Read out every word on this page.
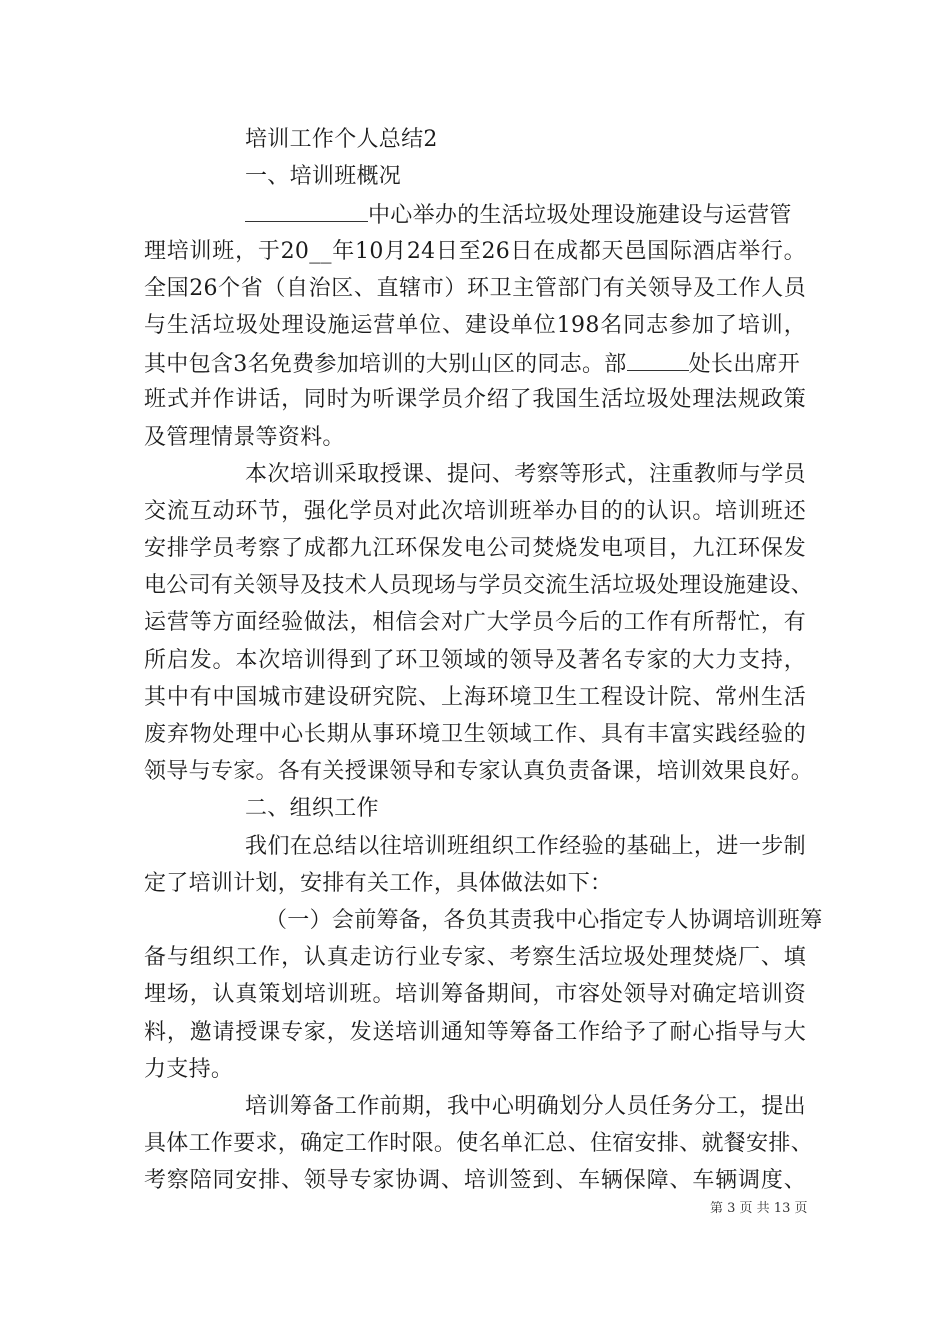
培训工作个人总结2
一、培训班概况
中心举办的生活垃圾处理设施建设与运营管
理培训班，于20__年10月24日至26日在成都天邑国际酒店举行。
全国26个省（自治区、直辖市）环卫主管部门有关领导及工作人员
与生活垃圾处理设施运营单位、建设单位198名同志参加了培训，
其中包含3名免费参加培训的大别山区的同志。部	处长出席开
班式并作讲话，同时为听课学员介绍了我国生活垃圾处理法规政策
及管理情景等资料。
本次培训采取授课、提问、考察等形式，注重教师与学员
交流互动环节，强化学员对此次培训班举办目的的认识。培训班还
安排学员考察了成都九江环保发电公司焚烧发电项目，九江环保发
电公司有关领导及技术人员现场与学员交流生活垃圾处理设施建设、
运营等方面经验做法，相信会对广大学员今后的工作有所帮忙，有
所启发。本次培训得到了环卫领域的领导及著名专家的大力支持，
其中有中国城市建设研究院、上海环境卫生工程设计院、常州生活
废弃物处理中心长期从事环境卫生领域工作、具有丰富实践经验的
领导与专家。各有关授课领导和专家认真负责备课，培训效果良好。
二、组织工作
我们在总结以往培训班组织工作经验的基础上，进一步制
定了培训计划，安排有关工作，具体做法如下：
（一）会前筹备，各负其责我中心指定专人协调培训班筹
备与组织工作，认真走访行业专家、考察生活垃圾处理焚烧厂、填
埋场，认真策划培训班。培训筹备期间，市容处领导对确定培训资
料，邀请授课专家，发送培训通知等筹备工作给予了耐心指导与大
力支持。
培训筹备工作前期，我中心明确划分人员任务分工，提出
具体工作要求，确定工作时限。使名单汇总、住宿安排、就餐安排、
考察陪同安排、领导专家协调、培训签到、车辆保障、车辆调度、
第 3 页 共 13 页
